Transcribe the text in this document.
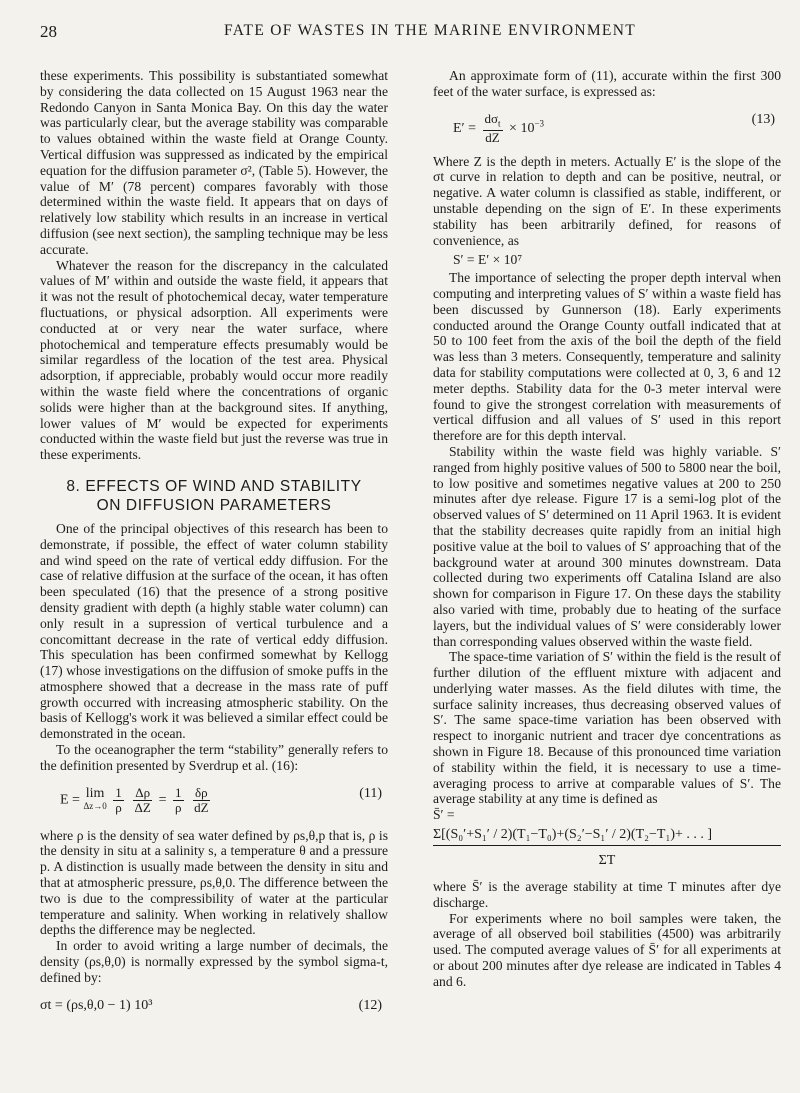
28	FATE OF WASTES IN THE MARINE ENVIRONMENT

these experiments. This possibility is substantiated somewhat by considering the data collected on 15 August 1963 near the Redondo Canyon in Santa Monica Bay. On this day the water was particularly clear, but the average stability was comparable to values obtained within the waste field at Orange County. Vertical diffusion was suppressed as indicated by the empirical equation for the diffusion parameter σ², (Table 5). However, the value of M′ (78 percent) compares favorably with those determined within the waste field. It appears that on days of relatively low stability which results in an increase in vertical diffusion (see next section), the sampling technique may be less accurate.

Whatever the reason for the discrepancy in the calculated values of M′ within and outside the waste field, it appears that it was not the result of photochemical decay, water temperature fluctuations, or physical adsorption. All experiments were conducted at or very near the water surface, where photochemical and temperature effects presumably would be similar regardless of the location of the test area. Physical adsorption, if appreciable, probably would occur more readily within the waste field where the concentrations of organic solids were higher than at the background sites. If anything, lower values of M′ would be expected for experiments conducted within the waste field but just the reverse was true in these experiments.

8. EFFECTS OF WIND AND STABILITY
ON DIFFUSION PARAMETERS

One of the principal objectives of this research has been to demonstrate, if possible, the effect of water column stability and wind speed on the rate of vertical eddy diffusion. For the case of relative diffusion at the surface of the ocean, it has often been speculated (16) that the presence of a strong positive density gradient with depth (a highly stable water column) can only result in a supression of vertical turbulence and a concomittant decrease in the rate of vertical eddy diffusion. This speculation has been confirmed somewhat by Kellogg (17) whose investigations on the diffusion of smoke puffs in the atmosphere showed that a decrease in the mass rate of puff growth occurred with increasing atmospheric stability. On the basis of Kellogg's work it was believed a similar effect could be demonstrated in the ocean.

To the oceanographer the term “stability” generally refers to the definition presented by Sverdrup et al. (16):

E = lim
Δz→0
$\frac{1}{\rho}$
$\frac{\Delta\rho}{\Delta Z} = \frac{1}{\rho}$
$\frac{\delta\rho}{dZ}$	(11)

where ρ is the density of sea water defined by ρs,θ,p that is, ρ is the density in situ at a salinity s, a temperature θ and a pressure p. A distinction is usually made between the density in situ and that at atmospheric pressure, ρs,θ,0. The difference between the two is due to the compressibility of water at the particular temperature and salinity. When working in relatively shallow depths the difference may be neglected.

In order to avoid writing a large number of decimals, the density (ρs,θ,0) is normally expressed by the symbol sigma-t, defined by:

σt = (ρs,θ,0 − 1) 10³	(12)

An approximate form of (11), accurate within the first 300 feet of the water surface, is expressed as:

$E' = \frac{d\sigma_t}{dZ} \times 10^{-3}$	(13)

Where Z is the depth in meters. Actually E′ is the slope of the σt curve in relation to depth and can be positive, neutral, or negative. A water column is classified as stable, indifferent, or unstable depending on the sign of E′. In these experiments stability has been arbitrarily defined, for reasons of convenience, as

S′ = E′ × 10⁷

The importance of selecting the proper depth interval when computing and interpreting values of S′ within a waste field has been discussed by Gunnerson (18). Early experiments conducted around the Orange County outfall indicated that at 50 to 100 feet from the axis of the boil the depth of the field was less than 3 meters. Consequently, temperature and salinity data for stability computations were collected at 0, 3, 6 and 12 meter depths. Stability data for the 0-3 meter interval were found to give the strongest correlation with measurements of vertical diffusion and all values of S′ used in this report therefore are for this depth interval.

Stability within the waste field was highly variable. S′ ranged from highly positive values of 500 to 5800 near the boil, to low positive and sometimes negative values at 200 to 250 minutes after dye release. Figure 17 is a semi-log plot of the observed values of S′ determined on 11 April 1963. It is evident that the stability decreases quite rapidly from an initial high positive value at the boil to values of S′ approaching that of the background water at around 300 minutes downstream. Data collected during two experiments off Catalina Island are also shown for comparison in Figure 17. On these days the stability also varied with time, probably due to heating of the surface layers, but the individual values of S′ were considerably lower than corresponding values observed within the waste field.

The space-time variation of S′ within the field is the result of further dilution of the effluent mixture with adjacent and underlying water masses. As the field dilutes with time, the surface salinity increases, thus decreasing observed values of S′. The same space-time variation has been observed with respect to inorganic nutrient and tracer dye concentrations as shown in Figure 18. Because of this pronounced time variation of stability within the field, it is necessary to use a time-averaging process to arrive at comparable values of S′. The average stability at any time is defined as

S̄′ =
Σ[(S₀′+S₁′ / 2)(T₁−T₀)+(S₂′−S₁′ / 2)(T₂−T₁)+ . . . ]
ΣT

where S̄′ is the average stability at time T minutes after dye discharge.

For experiments where no boil samples were taken, the average of all observed boil stabilities (4500) was arbitrarily used. The computed average values of S̄′ for all experiments at or about 200 minutes after dye release are indicated in Tables 4 and 6.
